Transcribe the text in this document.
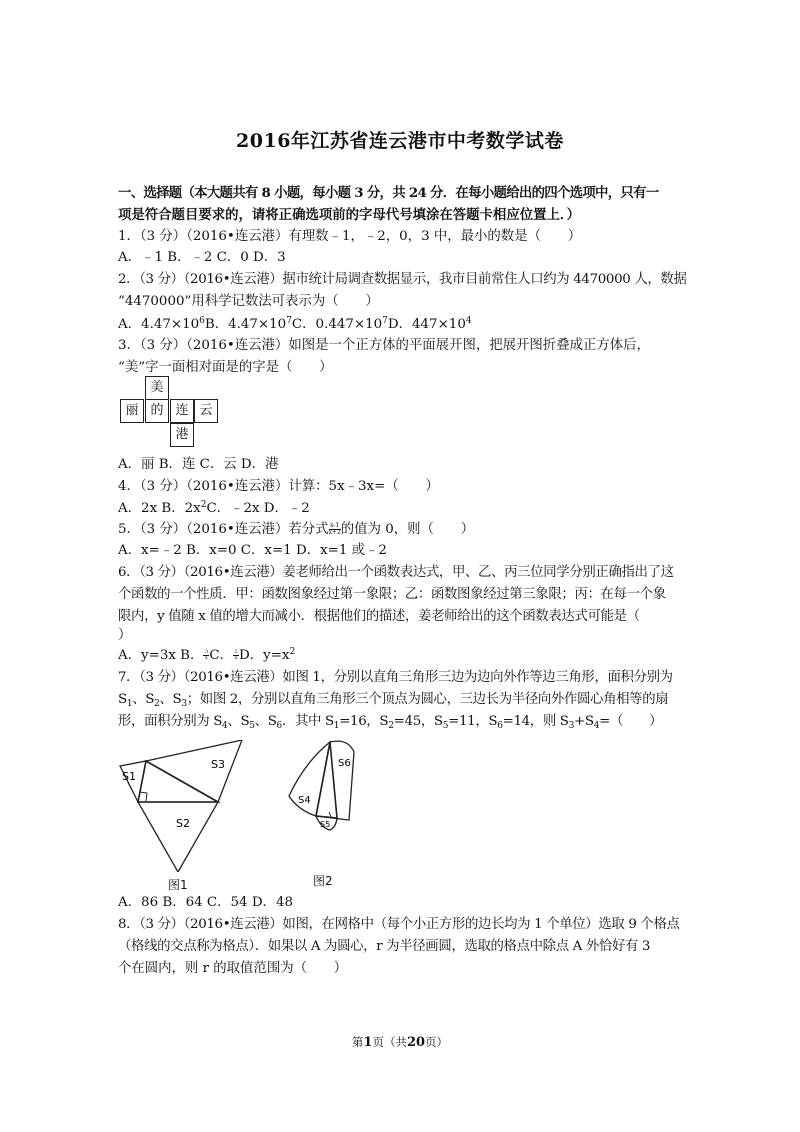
2016年江苏省连云港市中考数学试卷
一、选择题（本大题共有 8 小题，每小题 3 分，共 24 分．在每小题给出的四个选项中，只有一
项是符合题目要求的，请将正确选项前的字母代号填涂在答题卡相应位置上．）
1．（3 分）（2016•连云港）有理数﹣1，﹣2，0，3 中，最小的数是（　　）
A．﹣1 B．﹣2 C．0 D．3
2．（3 分）（2016•连云港）据市统计局调查数据显示，我市目前常住人口约为 4470000 人，数据
“4470000”用科学记数法可表示为（　　）
A．$4.47\times 10^6B$．$4.47\times 10^7C$．$0.447\times 10^7D$．$447\times 10^4$
3．（3 分）（2016•连云港）如图是一个正方体的平面展开图，把展开图折叠成正方体后，
“美”字一面相对面是的字是（　　）
美
丽 的 连 云
港
A．丽 B．连 C．云 D．港
4．（3 分）（2016•连云港）计算：5x﹣3x=（　　）
A．2x B．$2x^2C$．﹣2x D．﹣2
5．（3 分）（2016•连云港）若分式 $\frac{x-1}{x+2}$ 的值为 0，则（　　）
A．x=﹣2 B．x=0 C．x=1 D．x=1 或﹣2
6．（3 分）（2016•连云港）姜老师给出一个函数表达式，甲、乙、丙三位同学分别正确指出了这
个函数的一个性质．甲：函数图象经过第一象限；乙：函数图象经过第三象限；丙：在每一个象
限内，y 值随 x 值的增大而减小．根据他们的描述，姜老师给出的这个函数表达式可能是（
）
A．y=3x B． $\frac{3}{x}$ C． $\frac{1}{x}$ D．$y=x^2$
7．（3 分）（2016•连云港）如图 1，分别以直角三角形三边为边向外作等边三角形，面积分别为
$S_1$、$S_2$、$S_3$；如图 2，分别以直角三角形三个顶点为圆心，三边长为半径向外作圆心角相等的扇
形，面积分别为 $S_4$、$S_5$、$S_6$．其中 $S_1=16$，$S_2=45$，$S_5=11$，$S_6=14$，则 $S_3+S_4=$（　　）
S1
S3
S2
图1
S6
S4
S5
图2
A．86 B．64 C．54 D．48
8．（3 分）（2016•连云港）如图，在网格中（每个小正方形的边长均为 1 个单位）选取 9 个格点
（格线的交点称为格点）．如果以 A 为圆心，r 为半径画圆，选取的格点中除点 A 外恰好有 3
个在圆内，则 r 的取值范围为（　　）
第1页（共20页）
